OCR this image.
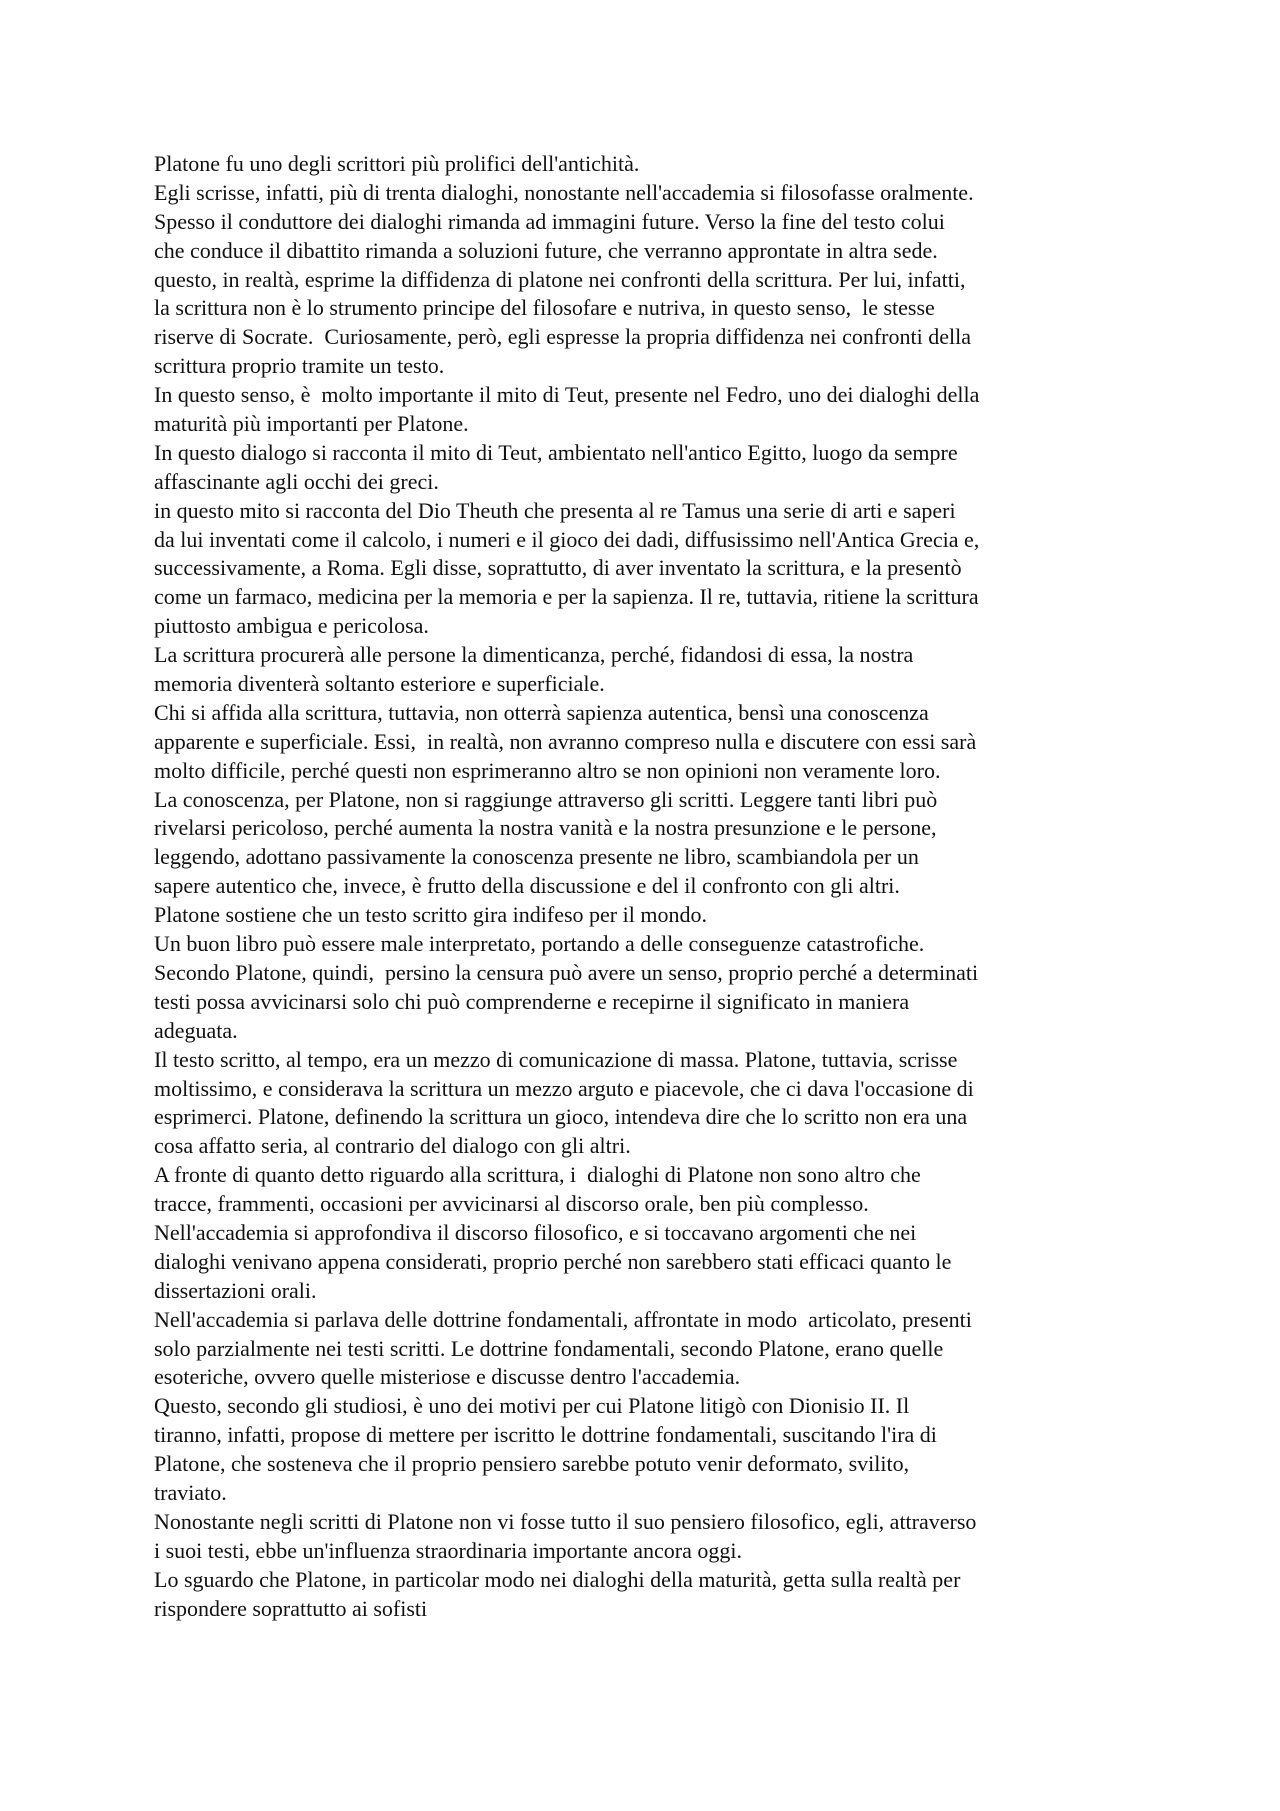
Platone fu uno degli scrittori più prolifici dell'antichità.
Egli scrisse, infatti, più di trenta dialoghi, nonostante nell'accademia si filosofasse oralmente.
Spesso il conduttore dei dialoghi rimanda ad immagini future. Verso la fine del testo colui
che conduce il dibattito rimanda a soluzioni future, che verranno approntate in altra sede.
questo, in realtà, esprime la diffidenza di platone nei confronti della scrittura. Per lui, infatti,
la scrittura non è lo strumento principe del filosofare e nutriva, in questo senso,  le stesse
riserve di Socrate.  Curiosamente, però, egli espresse la propria diffidenza nei confronti della
scrittura proprio tramite un testo.
In questo senso, è  molto importante il mito di Teut, presente nel Fedro, uno dei dialoghi della
maturità più importanti per Platone.
In questo dialogo si racconta il mito di Teut, ambientato nell'antico Egitto, luogo da sempre
affascinante agli occhi dei greci.
in questo mito si racconta del Dio Theuth che presenta al re Tamus una serie di arti e saperi
da lui inventati come il calcolo, i numeri e il gioco dei dadi, diffusissimo nell'Antica Grecia e,
successivamente, a Roma. Egli disse, soprattutto, di aver inventato la scrittura, e la presentò
come un farmaco, medicina per la memoria e per la sapienza. Il re, tuttavia, ritiene la scrittura
piuttosto ambigua e pericolosa.
La scrittura procurerà alle persone la dimenticanza, perché, fidandosi di essa, la nostra
memoria diventerà soltanto esteriore e superficiale.
Chi si affida alla scrittura, tuttavia, non otterrà sapienza autentica, bensì una conoscenza
apparente e superficiale. Essi,  in realtà, non avranno compreso nulla e discutere con essi sarà
molto difficile, perché questi non esprimeranno altro se non opinioni non veramente loro.
La conoscenza, per Platone, non si raggiunge attraverso gli scritti. Leggere tanti libri può
rivelarsi pericoloso, perché aumenta la nostra vanità e la nostra presunzione e le persone,
leggendo, adottano passivamente la conoscenza presente ne libro, scambiandola per un
sapere autentico che, invece, è frutto della discussione e del il confronto con gli altri.
Platone sostiene che un testo scritto gira indifeso per il mondo.
Un buon libro può essere male interpretato, portando a delle conseguenze catastrofiche.
Secondo Platone, quindi,  persino la censura può avere un senso, proprio perché a determinati
testi possa avvicinarsi solo chi può comprenderne e recepirne il significato in maniera
adeguata.
Il testo scritto, al tempo, era un mezzo di comunicazione di massa. Platone, tuttavia, scrisse
moltissimo, e considerava la scrittura un mezzo arguto e piacevole, che ci dava l'occasione di
esprimerci. Platone, definendo la scrittura un gioco, intendeva dire che lo scritto non era una
cosa affatto seria, al contrario del dialogo con gli altri.
A fronte di quanto detto riguardo alla scrittura, i  dialoghi di Platone non sono altro che
tracce, frammenti, occasioni per avvicinarsi al discorso orale, ben più complesso.
Nell'accademia si approfondiva il discorso filosofico, e si toccavano argomenti che nei
dialoghi venivano appena considerati, proprio perché non sarebbero stati efficaci quanto le
dissertazioni orali.
Nell'accademia si parlava delle dottrine fondamentali, affrontate in modo  articolato, presenti
solo parzialmente nei testi scritti. Le dottrine fondamentali, secondo Platone, erano quelle
esoteriche, ovvero quelle misteriose e discusse dentro l'accademia.
Questo, secondo gli studiosi, è uno dei motivi per cui Platone litigò con Dionisio II. Il
tiranno, infatti, propose di mettere per iscritto le dottrine fondamentali, suscitando l'ira di
Platone, che sosteneva che il proprio pensiero sarebbe potuto venir deformato, svilito,
traviato.
Nonostante negli scritti di Platone non vi fosse tutto il suo pensiero filosofico, egli, attraverso
i suoi testi, ebbe un'influenza straordinaria importante ancora oggi.
Lo sguardo che Platone, in particolar modo nei dialoghi della maturità, getta sulla realtà per
rispondere soprattutto ai sofisti
